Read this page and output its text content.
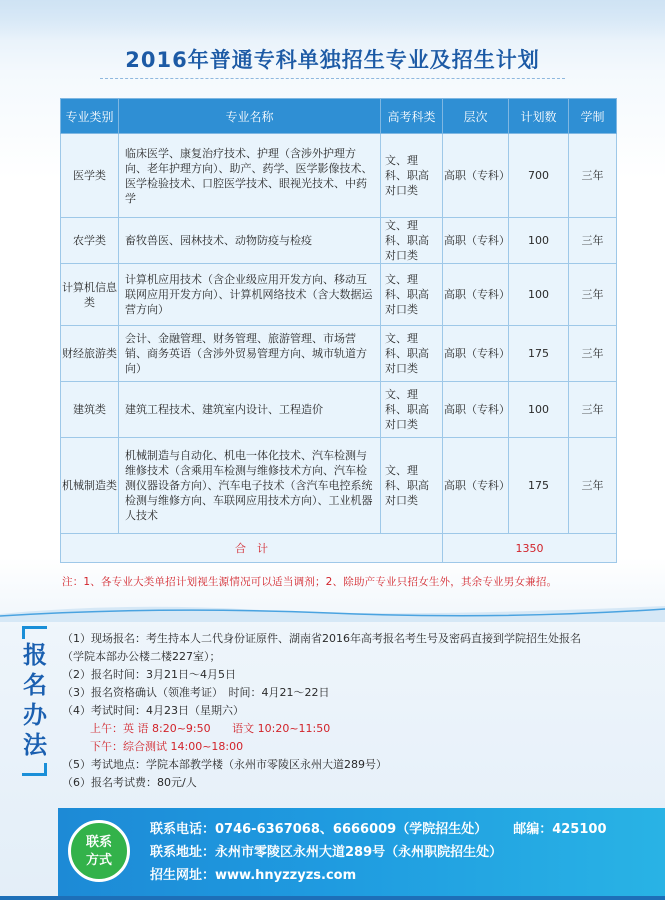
2016年普通专科单独招生专业及招生计划
专业类别	专业名称	高考科类	层次	计划数	学制
医学类	临床医学、康复治疗技术、护理（含涉外护理方向、老年护理方向）、助产、药学、医学影像技术、医学检验技术、口腔医学技术、眼视光技术、中药学	文、理科、职高对口类	高职（专科）	700	三年
农学类	畜牧兽医、园林技术、动物防疫与检疫	文、理科、职高对口类	高职（专科）	100	三年
计算机信息类	计算机应用技术（含企业级应用开发方向、移动互联网应用开发方向）、计算机网络技术（含大数据运营方向）	文、理科、职高对口类	高职（专科）	100	三年
财经旅游类	会计、金融管理、财务管理、旅游管理、市场营销、商务英语（含涉外贸易管理方向、城市轨道方向）	文、理科、职高对口类	高职（专科）	175	三年
建筑类	建筑工程技术、建筑室内设计、工程造价	文、理科、职高对口类	高职（专科）	100	三年
机械制造类	机械制造与自动化、机电一体化技术、汽车检测与维修技术（含乘用车检测与维修技术方向、汽车检测仪器设备方向）、汽车电子技术（含汽车电控系统检测与维修方向、车联网应用技术方向）、工业机器人技术	文、理科、职高对口类	高职（专科）	175	三年
合　计			1350		
注：1、各专业大类单招计划视生源情况可以适当调剂；2、除助产专业只招女生外，其余专业男女兼招。
报
名
办
法
（1）现场报名：考生持本人二代身份证原件、湖南省2016年高考报名考生号及密码直接到学院招生处报名
（学院本部办公楼二楼227室）；
（2）报名时间：3月21日～4月5日
（3）报名资格确认（领准考证）　时间：4月21～22日
（4）考试时间：4月23日（星期六）
上午：英 语 8:20~9:50 语文 10:20~11:50
下午：综合测试 14:00~18:00
（5）考试地点：学院本部教学楼（永州市零陵区永州大道289号）
（6）报名考试费：80元/人
联系
方式
联系电话：0746-6367068、6666009（学院招生处） 邮编：425100
联系地址：永州市零陵区永州大道289号（永州职院招生处）
招生网址：www.hnyzzyzs.com
